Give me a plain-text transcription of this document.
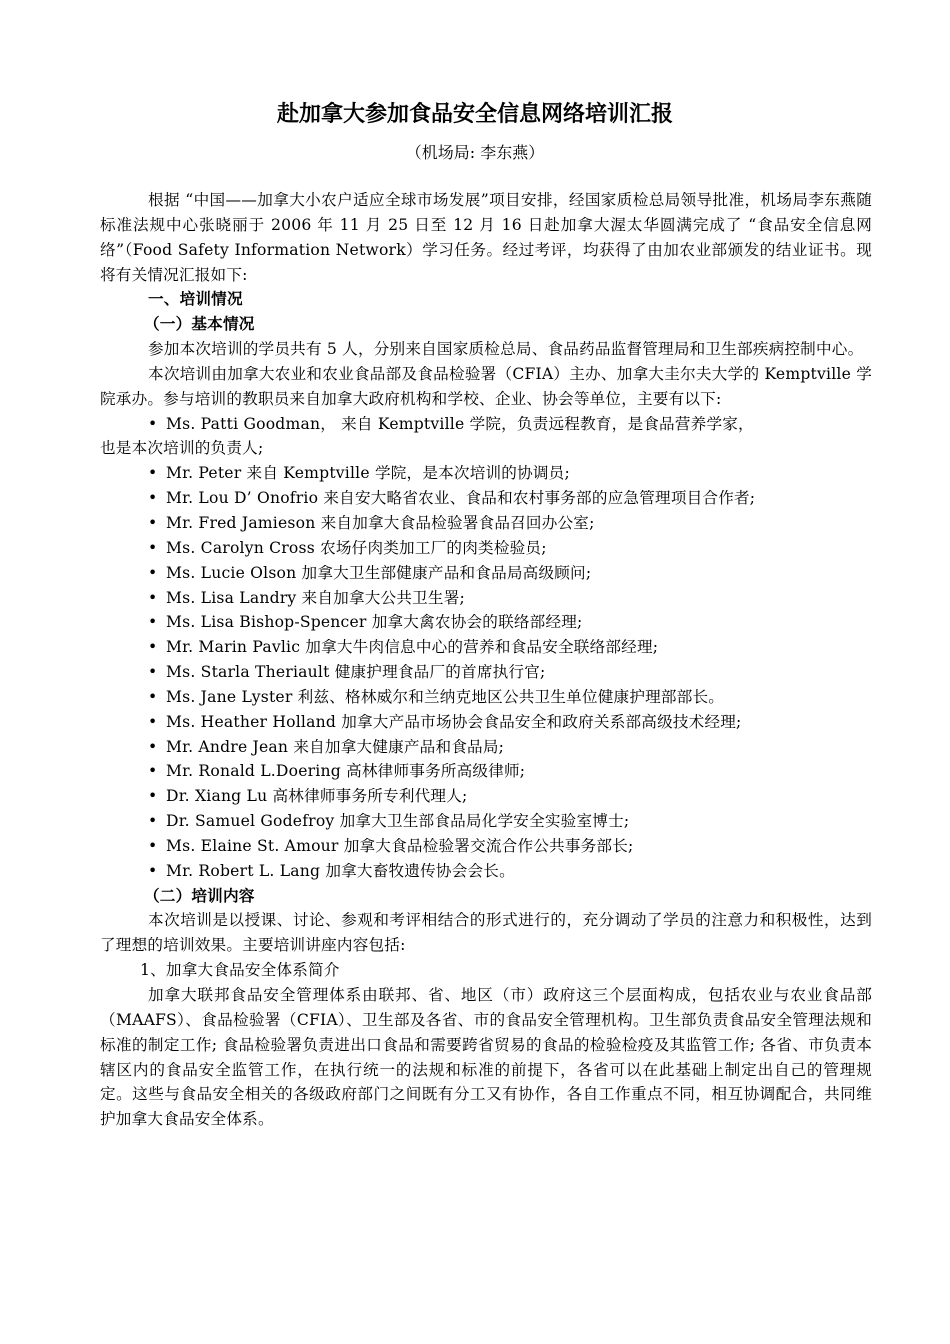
赴加拿大参加食品安全信息网络培训汇报
（机场局: 李东燕）

根据 “中国——加拿大小农户适应全球市场发展”项目安排，经国家质检总局领导批准，机场局李东燕随标准法规中心张晓丽于 2006 年 11 月 25 日至 12 月 16 日赴加拿大渥太华圆满完成了 “食品安全信息网络”（Food Safety Information Network）学习任务。经过考评，均获得了由加农业部颁发的结业证书。现将有关情况汇报如下:

一、培训情况

（一）基本情况

参加本次培训的学员共有 5 人，分别来自国家质检总局、食品药品监督管理局和卫生部疾病控制中心。

本次培训由加拿大农业和农业食品部及食品检验署（CFIA）主办、加拿大圭尔夫大学的 Kemptville 学院承办。参与培训的教职员来自加拿大政府机构和学校、企业、协会等单位，主要有以下:

• Ms. Patti Goodman， 来自 Kemptville 学院，负责远程教育，是食品营养学家，

也是本次培训的负责人;

• Mr. Peter 来自 Kemptville 学院，是本次培训的协调员;

• Mr. Lou D’ Onofrio 来自安大略省农业、食品和农村事务部的应急管理项目合作者;

• Mr. Fred Jamieson 来自加拿大食品检验署食品召回办公室;

• Ms. Carolyn Cross 农场仔肉类加工厂的肉类检验员;

• Ms. Lucie Olson 加拿大卫生部健康产品和食品局高级顾问;

• Ms. Lisa Landry 来自加拿大公共卫生署;

• Ms. Lisa Bishop-Spencer 加拿大禽农协会的联络部经理;

• Mr. Marin Pavlic 加拿大牛肉信息中心的营养和食品安全联络部经理;

• Ms. Starla Theriault 健康护理食品厂的首席执行官;

• Ms. Jane Lyster 利兹、格林威尔和兰纳克地区公共卫生单位健康护理部部长。

• Ms. Heather Holland 加拿大产品市场协会食品安全和政府关系部高级技术经理;

• Mr. Andre Jean 来自加拿大健康产品和食品局;

• Mr. Ronald L.Doering 高林律师事务所高级律师;

• Dr. Xiang Lu 高林律师事务所专利代理人;

• Dr. Samuel Godefroy 加拿大卫生部食品局化学安全实验室博士;

• Ms. Elaine St. Amour 加拿大食品检验署交流合作公共事务部长;

• Mr. Robert L. Lang 加拿大畜牧遗传协会会长。

（二）培训内容

本次培训是以授课、讨论、参观和考评相结合的形式进行的，充分调动了学员的注意力和积极性，达到了理想的培训效果。主要培训讲座内容包括:

1、加拿大食品安全体系简介

加拿大联邦食品安全管理体系由联邦、省、地区（市）政府这三个层面构成，包括农业与农业食品部（MAAFS）、食品检验署（CFIA）、卫生部及各省、市的食品安全管理机构。卫生部负责食品安全管理法规和标准的制定工作; 食品检验署负责进出口食品和需要跨省贸易的食品的检验检疫及其监管工作; 各省、市负责本辖区内的食品安全监管工作，在执行统一的法规和标准的前提下，各省可以在此基础上制定出自己的管理规定。这些与食品安全相关的各级政府部门之间既有分工又有协作，各自工作重点不同，相互协调配合，共同维护加拿大食品安全体系。
